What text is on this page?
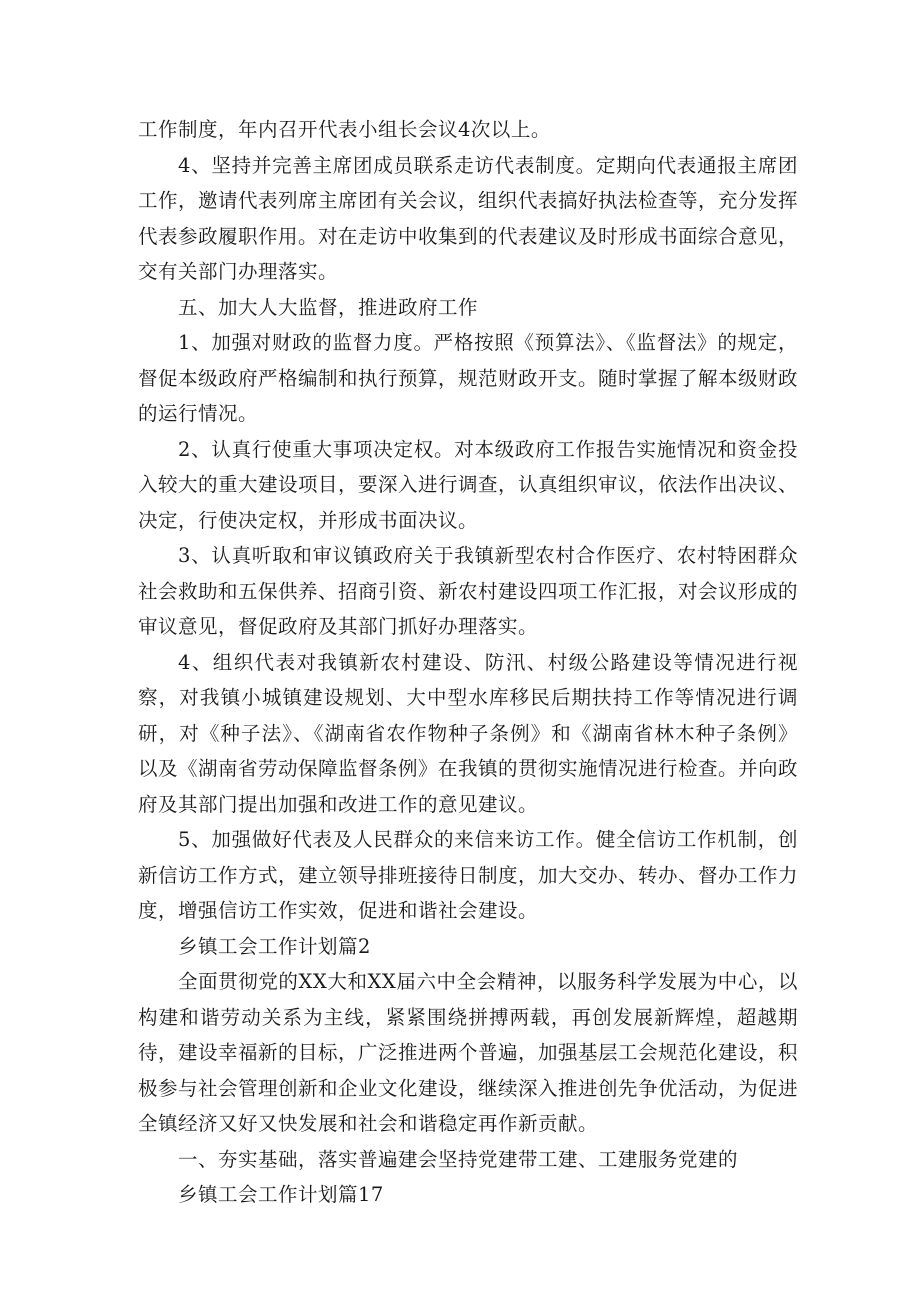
工作制度，年内召开代表小组长会议4次以上。

4、坚持并完善主席团成员联系走访代表制度。定期向代表通报主席团工作，邀请代表列席主席团有关会议，组织代表搞好执法检查等，充分发挥代表参政履职作用。对在走访中收集到的代表建议及时形成书面综合意见，交有关部门办理落实。

五、加大人大监督，推进政府工作

1、加强对财政的监督力度。严格按照《预算法》、《监督法》的规定，督促本级政府严格编制和执行预算，规范财政开支。随时掌握了解本级财政的运行情况。

2、认真行使重大事项决定权。对本级政府工作报告实施情况和资金投入较大的重大建设项目，要深入进行调查，认真组织审议，依法作出决议、决定，行使决定权，并形成书面决议。

3、认真听取和审议镇政府关于我镇新型农村合作医疗、农村特困群众社会救助和五保供养、招商引资、新农村建设四项工作汇报，对会议形成的审议意见，督促政府及其部门抓好办理落实。

4、组织代表对我镇新农村建设、防汛、村级公路建设等情况进行视察，对我镇小城镇建设规划、大中型水库移民后期扶持工作等情况进行调研，对《种子法》、《湖南省农作物种子条例》和《湖南省林木种子条例》以及《湖南省劳动保障监督条例》在我镇的贯彻实施情况进行检查。并向政府及其部门提出加强和改进工作的意见建议。

5、加强做好代表及人民群众的来信来访工作。健全信访工作机制，创新信访工作方式，建立领导排班接待日制度，加大交办、转办、督办工作力度，增强信访工作实效，促进和谐社会建设。

乡镇工会工作计划篇2

全面贯彻党的XX大和XX届六中全会精神，以服务科学发展为中心，以构建和谐劳动关系为主线，紧紧围绕拼搏两载，再创发展新辉煌，超越期待，建设幸福新的目标，广泛推进两个普遍，加强基层工会规范化建设，积极参与社会管理创新和企业文化建设，继续深入推进创先争优活动，为促进全镇经济又好又快发展和社会和谐稳定再作新贡献。

一、夯实基础，落实普遍建会坚持党建带工建、工建服务党建的

乡镇工会工作计划篇17
